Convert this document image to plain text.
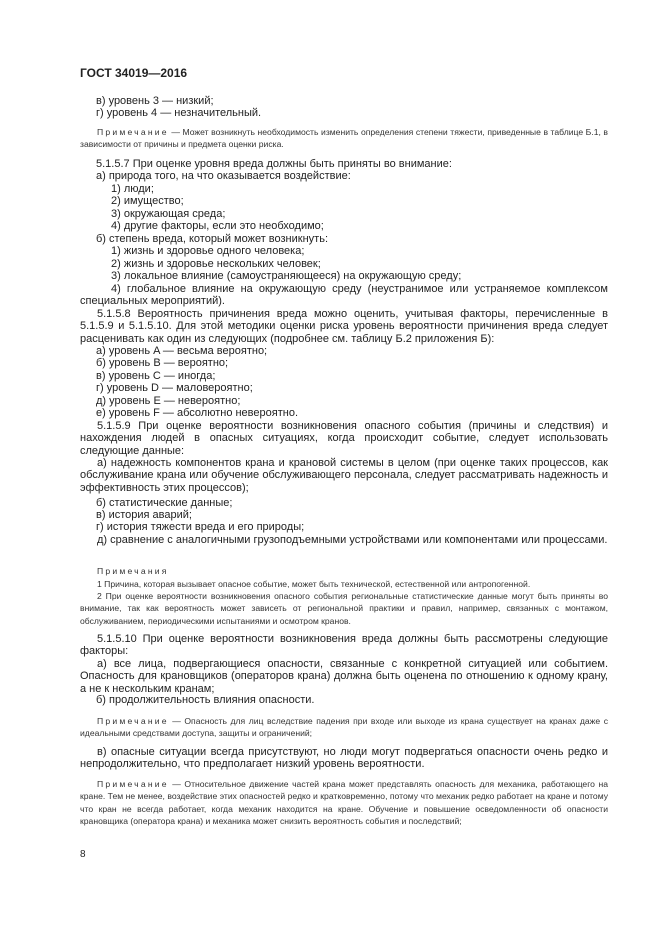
ГОСТ 34019—2016
в) уровень 3 — низкий;
г) уровень 4 — незначительный.
Примечание — Может возникнуть необходимость изменить определения степени тяжести, приведенные в таблице Б.1, в зависимости от причины и предмета оценки риска.
5.1.5.7 При оценке уровня вреда должны быть приняты во внимание:
а) природа того, на что оказывается воздействие:
1) люди;
2) имущество;
3) окружающая среда;
4) другие факторы, если это необходимо;
б) степень вреда, который может возникнуть:
1) жизнь и здоровье одного человека;
2) жизнь и здоровье нескольких человек;
3) локальное влияние (самоустраняющееся) на окружающую среду;
4) глобальное влияние на окружающую среду (неустранимое или устраняемое комплексом специальных мероприятий).
5.1.5.8 Вероятность причинения вреда можно оценить, учитывая факторы, перечисленные в 5.1.5.9 и 5.1.5.10. Для этой методики оценки риска уровень вероятности причинения вреда следует расценивать как один из следующих (подробнее см. таблицу Б.2 приложения Б):
а) уровень A — весьма вероятно;
б) уровень B — вероятно;
в) уровень C — иногда;
г) уровень D — маловероятно;
д) уровень E — невероятно;
е) уровень F — абсолютно невероятно.
5.1.5.9 При оценке вероятности возникновения опасного события (причины и следствия) и нахождения людей в опасных ситуациях, когда происходит событие, следует использовать следующие данные:
а) надежность компонентов крана и крановой системы в целом (при оценке таких процессов, как обслуживание крана или обучение обслуживающего персонала, следует рассматривать надежность и эффективность этих процессов);
б) статистические данные;
в) история аварий;
г) история тяжести вреда и его природы;
д) сравнение с аналогичными грузоподъемными устройствами или компонентами или процессами.
Примечания
1 Причина, которая вызывает опасное событие, может быть технической, естественной или антропогенной.
2 При оценке вероятности возникновения опасного события региональные статистические данные могут быть приняты во внимание, так как вероятность может зависеть от региональной практики и правил, например, связанных с монтажом, обслуживанием, периодическими испытаниями и осмотром кранов.
5.1.5.10 При оценке вероятности возникновения вреда должны быть рассмотрены следующие факторы:
а) все лица, подвергающиеся опасности, связанные с конкретной ситуацией или событием. Опасность для крановщиков (операторов крана) должна быть оценена по отношению к одному крану, а не к нескольким кранам;
б) продолжительность влияния опасности.
Примечание — Опасность для лиц вследствие падения при входе или выходе из крана существует на кранах даже с идеальными средствами доступа, защиты и ограничений;
в) опасные ситуации всегда присутствуют, но люди могут подвергаться опасности очень редко и непродолжительно, что предполагает низкий уровень вероятности.
Примечание — Относительное движение частей крана может представлять опасность для механика, работающего на кране. Тем не менее, воздействие этих опасностей редко и кратковременно, потому что механик редко работает на кране и потому что кран не всегда работает, когда механик находится на кране. Обучение и повышение осведомленности об опасности крановщика (оператора крана) и механика может снизить вероятность события и последствий;
8
